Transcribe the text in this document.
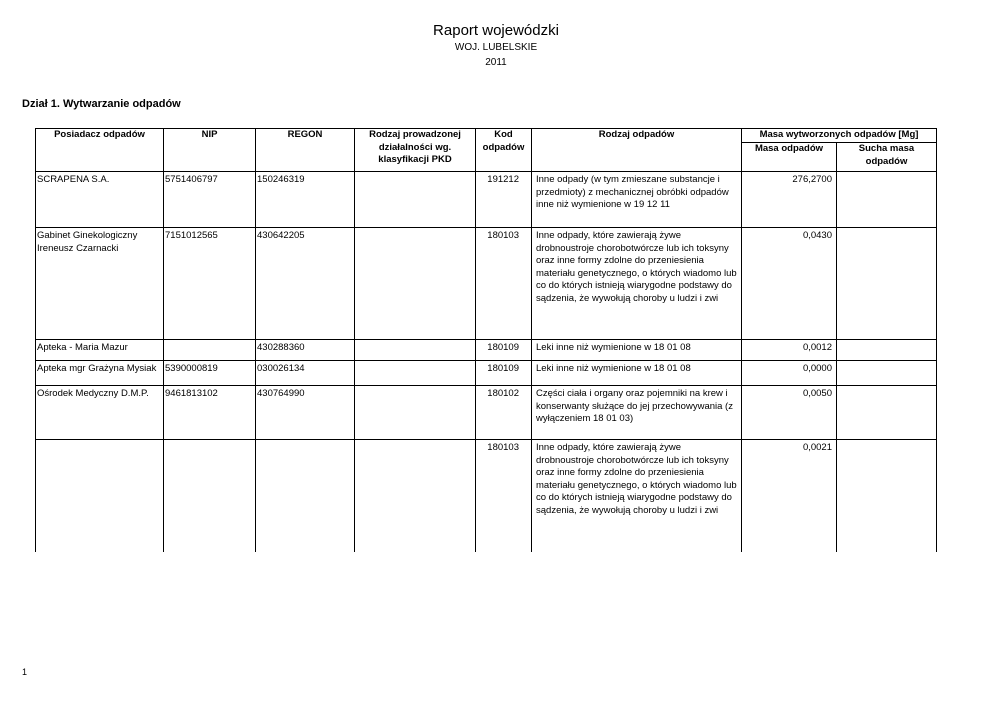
Raport wojewódzki
WOJ. LUBELSKIE
2011
Dział 1. Wytwarzanie odpadów
Posiadacz odpadów	NIP	REGON	Rodzaj prowadzonej działalności wg. klasyfikacji PKD	Kod odpadów	Rodzaj odpadów	Masa wytworzonych odpadów [Mg]	
						Masa odpadów	Sucha masa odpadów
SCRAPENA S.A.	5751406797	150246319		191212	Inne odpady (w tym zmieszane substancje i przedmioty) z mechanicznej obróbki odpadów inne niż wymienione w 19 12 11	276,2700	
Gabinet Ginekologiczny Ireneusz Czarnacki	7151012565	430642205		180103	Inne odpady, które zawierają żywe drobnoustroje chorobotwórcze lub ich toksyny oraz inne formy zdolne do przeniesienia materiału genetycznego, o których wiadomo lub co do których istnieją wiarygodne podstawy do sądzenia, że wywołują choroby u ludzi i zwi	0,0430	
Apteka - Maria Mazur		430288360		180109	Leki inne niż wymienione w 18 01 08	0,0012	
Apteka mgr Grażyna Mysiak	5390000819	030026134		180109	Leki inne niż wymienione w 18 01 08	0,0000	
Ośrodek Medyczny D.M.P.	9461813102	430764990		180102	Części ciała i organy oraz pojemniki na krew i konserwanty służące do jej przechowywania (z wyłączeniem 18 01 03)	0,0050	
				180103	Inne odpady, które zawierają żywe drobnoustroje chorobotwórcze lub ich toksyny oraz inne formy zdolne do przeniesienia materiału genetycznego, o których wiadomo lub co do których istnieją wiarygodne podstawy do sądzenia, że wywołują choroby u ludzi i zwi	0,0021	
1
